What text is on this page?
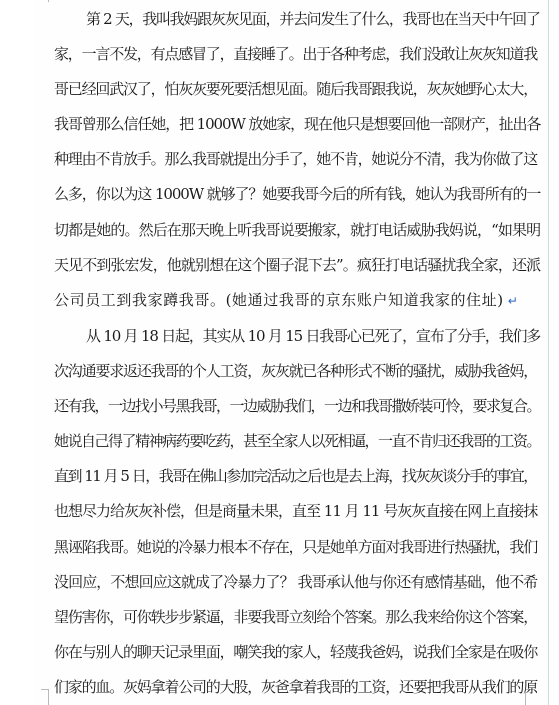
第 2 天，我叫我妈跟灰灰见面，并去问发生了什么，我哥也在当天中午回了
家，一言不发，有点感冒了，直接睡了。出于各种考虑，我们没敢让灰灰知道我
哥已经回武汉了，怕灰灰要死要活想见面。随后我哥跟我说，灰灰她野心太大，
我哥曾那么信任她，把 1000W 放她家，现在他只是想要回他一部财产，扯出各
种理由不肯放手。那么我哥就提出分手了，她不肯，她说分不清，我为你做了这
么多，你以为这 1000W 就够了？她要我哥今后的所有钱，她认为我哥所有的一
切都是她的。然后在那天晚上听我哥说要搬家，就打电话威胁我妈说，“如果明
天见不到张宏发，他就别想在这个圈子混下去”。疯狂打电话骚扰我全家，还派
公司员工到我家蹲我哥。(她通过我哥的京东账户知道我家的住址) ↵
从 10 月 18 日起，其实从 10 月 15 日我哥心已死了，宣布了分手，我们多
次沟通要求返还我哥的个人工资，灰灰就已各种形式不断的骚扰，威胁我爸妈，
还有我，一边找小号黑我哥，一边威胁我们，一边和我哥撒娇装可怜，要求复合。
她说自己得了精神病药要吃药，甚至全家人以死相逼，一直不肯归还我哥的工资。
直到 11 月 5 日，我哥在佛山参加完活动之后也是去上海，找灰灰谈分手的事宜，
也想尽力给灰灰补偿，但是商量未果，直至 11 月 11 号灰灰直接在网上直接抹
黑诬陷我哥。她说的冷暴力根本不存在，只是她单方面对我哥进行热骚扰，我们
没回应，不想回应这就成了冷暴力了？ 我哥承认他与你还有感情基础，他不希
望伤害你，可你轶步步紧逼，非要我哥立刻给个答案。那么我来给你这个答案，
你在与别人的聊天记录里面，嘲笑我的家人，轻蔑我爸妈，说我们全家是在吸你
们家的血。灰妈拿着公司的大股，灰爸拿着我哥的工资，还要把我哥从我们的原
